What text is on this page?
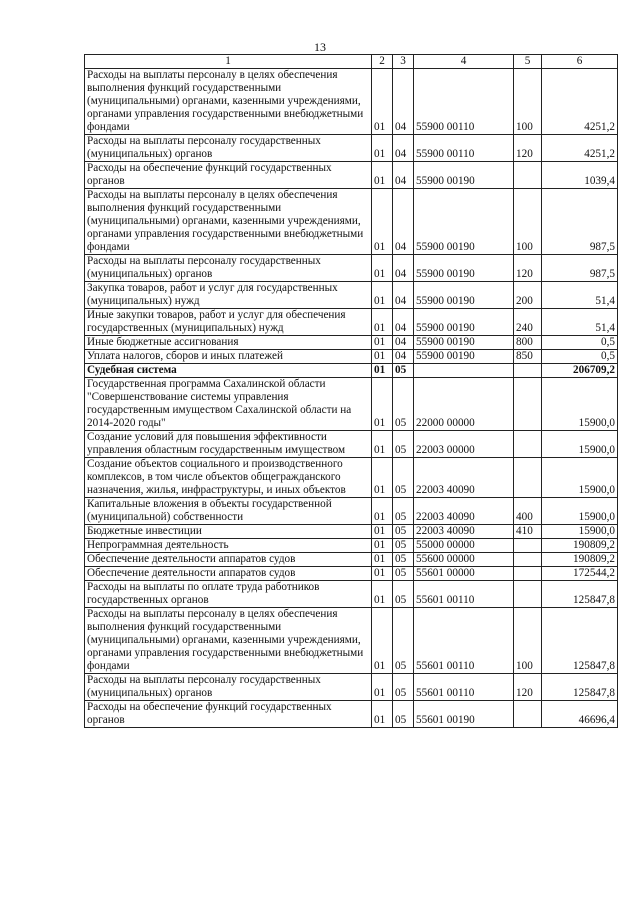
13
1	2	3	4	5	6
Расходы на выплаты персоналу в целях обеспечения выполнения функций государственными (муниципальными) органами, казенными учреждениями, органами управления государственными внебюджетными фондами	01	04	55900 00110	100	4251,2
Расходы на выплаты персоналу государственных (муниципальных) органов	01	04	55900 00110	120	4251,2
Расходы на обеспечение функций государственных органов	01	04	55900 00190		1039,4
Расходы на выплаты персоналу в целях обеспечения выполнения функций государственными (муниципальными) органами, казенными учреждениями, органами управления государственными внебюджетными фондами	01	04	55900 00190	100	987,5
Расходы на выплаты персоналу государственных (муниципальных) органов	01	04	55900 00190	120	987,5
Закупка товаров, работ и услуг для государственных (муниципальных) нужд	01	04	55900 00190	200	51,4
Иные закупки товаров, работ и услуг для обеспечения государственных (муниципальных) нужд	01	04	55900 00190	240	51,4
Иные бюджетные ассигнования	01	04	55900 00190	800	0,5
Уплата налогов, сборов и иных платежей	01	04	55900 00190	850	0,5
Судебная система	01	05			206709,2
Государственная программа Сахалинской области "Совершенствование системы управления государственным имуществом Сахалинской области на 2014-2020 годы"	01	05	22000 00000		15900,0
Создание условий для повышения эффективности управления областным государственным имуществом	01	05	22003 00000		15900,0
Создание объектов социального и производственного комплексов, в том числе объектов общегражданского назначения, жилья, инфраструктуры, и иных объектов	01	05	22003 40090		15900,0
Капитальные вложения в объекты государственной (муниципальной) собственности	01	05	22003 40090	400	15900,0
Бюджетные инвестиции	01	05	22003 40090	410	15900,0
Непрограммная деятельность	01	05	55000 00000		190809,2
Обеспечение деятельности аппаратов судов	01	05	55600 00000		190809,2
Обеспечение деятельности аппаратов судов	01	05	55601 00000		172544,2
Расходы на выплаты по оплате труда работников государственных органов	01	05	55601 00110		125847,8
Расходы на выплаты персоналу в целях обеспечения выполнения функций государственными (муниципальными) органами, казенными учреждениями, органами управления государственными внебюджетными фондами	01	05	55601 00110	100	125847,8
Расходы на выплаты персоналу государственных (муниципальных) органов	01	05	55601 00110	120	125847,8
Расходы на обеспечение функций государственных органов	01	05	55601 00190		46696,4
